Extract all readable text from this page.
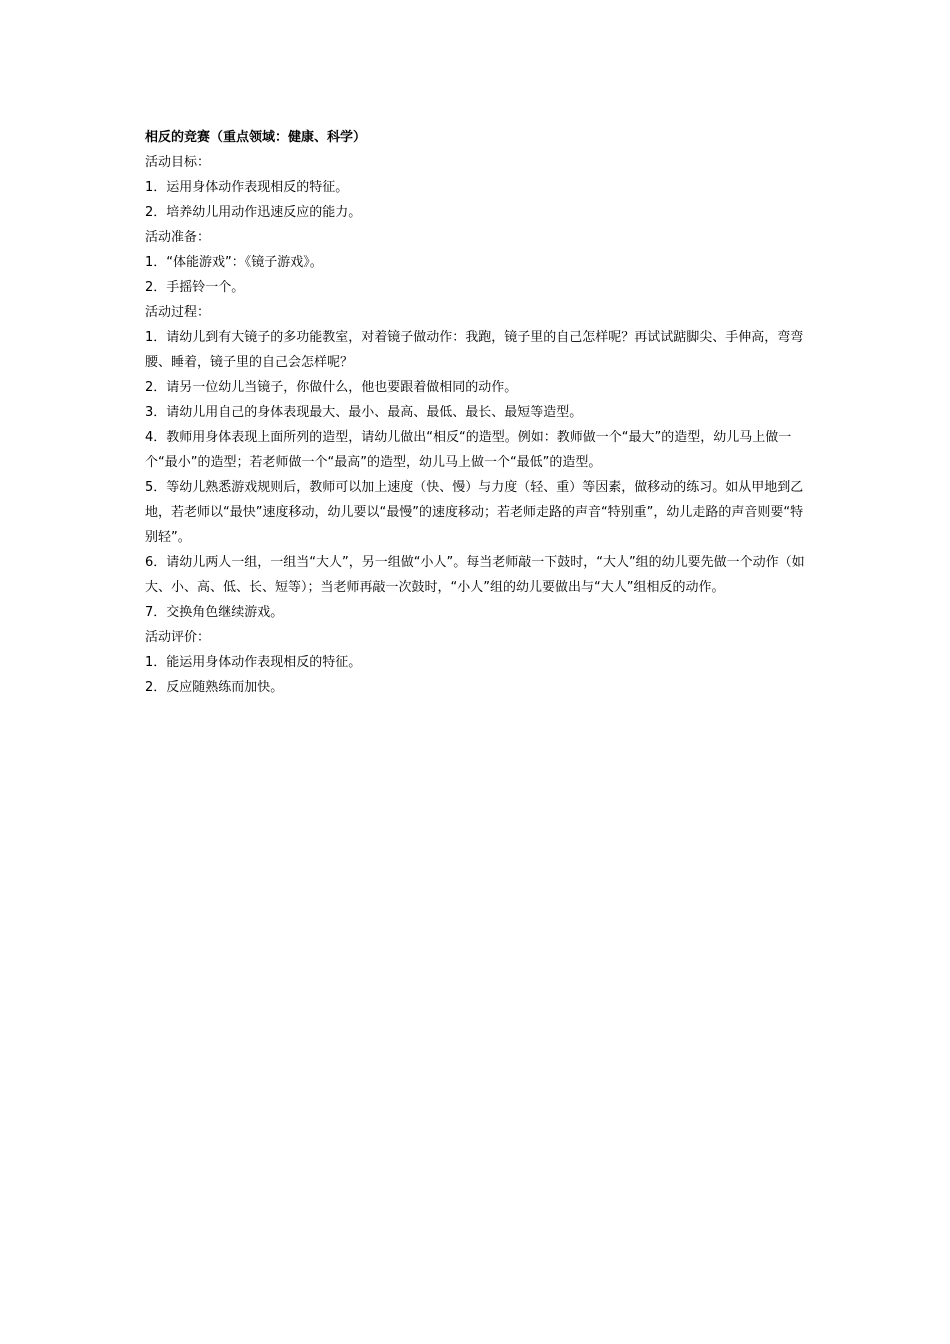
相反的竞赛（重点领域：健康、科学）

活动目标：

1．运用身体动作表现相反的特征。

2．培养幼儿用动作迅速反应的能力。

活动准备：

1．“体能游戏”：《镜子游戏》。

2．手摇铃一个。

活动过程：

1．请幼儿到有大镜子的多功能教室，对着镜子做动作：我跑，镜子里的自己怎样呢？再试试踮脚尖、手伸高，弯弯腰、睡着，镜子里的自己会怎样呢？

2．请另一位幼儿当镜子，你做什么，他也要跟着做相同的动作。

3．请幼儿用自己的身体表现最大、最小、最高、最低、最长、最短等造型。

4．教师用身体表现上面所列的造型，请幼儿做出“相反“的造型。例如：教师做一个“最大”的造型，幼儿马上做一个“最小”的造型；若老师做一个“最高”的造型，幼儿马上做一个“最低”的造型。

5．等幼儿熟悉游戏规则后，教师可以加上速度（快、慢）与力度（轻、重）等因素，做移动的练习。如从甲地到乙地，若老师以“最快”速度移动，幼儿要以“最慢”的速度移动；若老师走路的声音“特别重”，幼儿走路的声音则要“特别轻”。

6．请幼儿两人一组，一组当“大人”，另一组做“小人”。每当老师敲一下鼓时，“大人”组的幼儿要先做一个动作（如大、小、高、低、长、短等）；当老师再敲一次鼓时，“小人”组的幼儿要做出与“大人”组相反的动作。

7．交换角色继续游戏。

活动评价：

1．能运用身体动作表现相反的特征。

2．反应随熟练而加快。
